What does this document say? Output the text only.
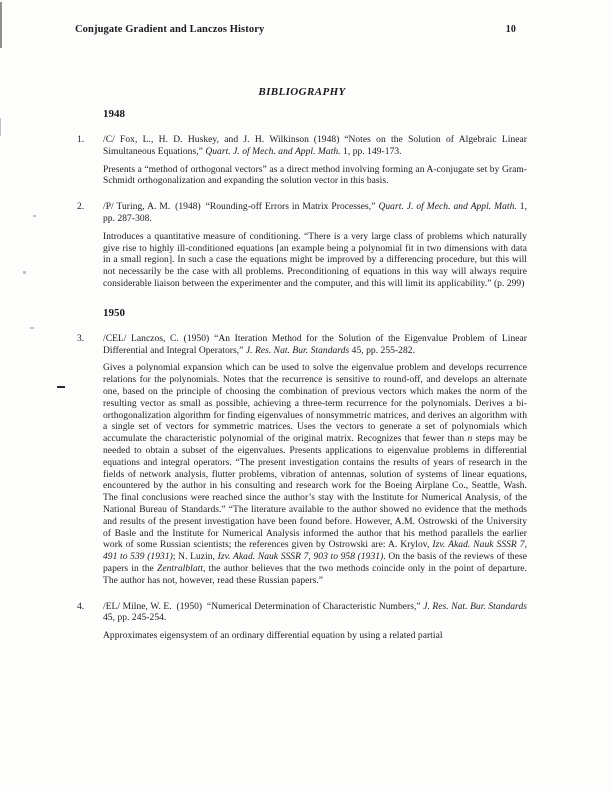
Conjugate Gradient and Lanczos History	10
BIBLIOGRAPHY
1948
1.	/C/ Fox, L., H. D. Huskey, and J. H. Wilkinson (1948) “Notes on the Solution of Algebraic Linear Simultaneous Equations,” Quart. J. of Mech. and Appl. Math. 1, pp. 149-173.

Presents a “method of orthogonal vectors” as a direct method involving forming an A-conjugate set by Gram-Schmidt orthogonalization and expanding the solution vector in this basis.

2.	/P/ Turing, A. M. (1948) “Rounding-off Errors in Matrix Processes,” Quart. J. of Mech. and Appl. Math. 1, pp. 287-308.

Introduces a quantitative measure of conditioning. “There is a very large class of problems which naturally give rise to highly ill-conditioned equations [an example being a polynomial fit in two dimensions with data in a small region]. In such a case the equations might be improved by a differencing procedure, but this will not necessarily be the case with all problems. Preconditioning of equations in this way will always require considerable liaison between the experimenter and the computer, and this will limit its applicability.” (p. 299)

1950
3.	/CEL/ Lanczos, C. (1950) “An Iteration Method for the Solution of the Eigenvalue Problem of Linear Differential and Integral Operators,” J. Res. Nat. Bur. Standards 45, pp. 255-282.

Gives a polynomial expansion which can be used to solve the eigenvalue problem and develops recurrence relations for the polynomials. Notes that the recurrence is sensitive to round-off, and develops an alternate one, based on the principle of choosing the combination of previous vectors which makes the norm of the resulting vector as small as possible, achieving a three-term recurrence for the polynomials. Derives a bi-orthogonalization algorithm for finding eigenvalues of nonsymmetric matrices, and derives an algorithm with a single set of vectors for symmetric matrices. Uses the vectors to generate a set of polynomials which accumulate the characteristic polynomial of the original matrix. Recognizes that fewer than n steps may be needed to obtain a subset of the eigenvalues. Presents applications to eigenvalue problems in differential equations and integral operators. “The present investigation contains the results of years of research in the fields of network analysis, flutter problems, vibration of antennas, solution of systems of linear equations, encountered by the author in his consulting and research work for the Boeing Airplane Co., Seattle, Wash. The final conclusions were reached since the author’s stay with the Institute for Numerical Analysis, of the National Bureau of Standards.” “The literature available to the author showed no evidence that the methods and results of the present investigation have been found before. However, A.M. Ostrowski of the University of Basle and the Institute for Numerical Analysis informed the author that his method parallels the earlier work of some Russian scientists; the references given by Ostrowski are: A. Krylov, Izv. Akad. Nauk SSSR 7, 491 to 539 (1931); N. Luzin, Izv. Akad. Nauk SSSR 7, 903 to 958 (1931). On the basis of the reviews of these papers in the Zentralblatt, the author believes that the two methods coincide only in the point of departure. The author has not, however, read these Russian papers.”

4.	/EL/ Milne, W. E. (1950) “Numerical Determination of Characteristic Numbers,” J. Res. Nat. Bur. Standards 45, pp. 245-254.

Approximates eigensystem of an ordinary differential equation by using a related partial
